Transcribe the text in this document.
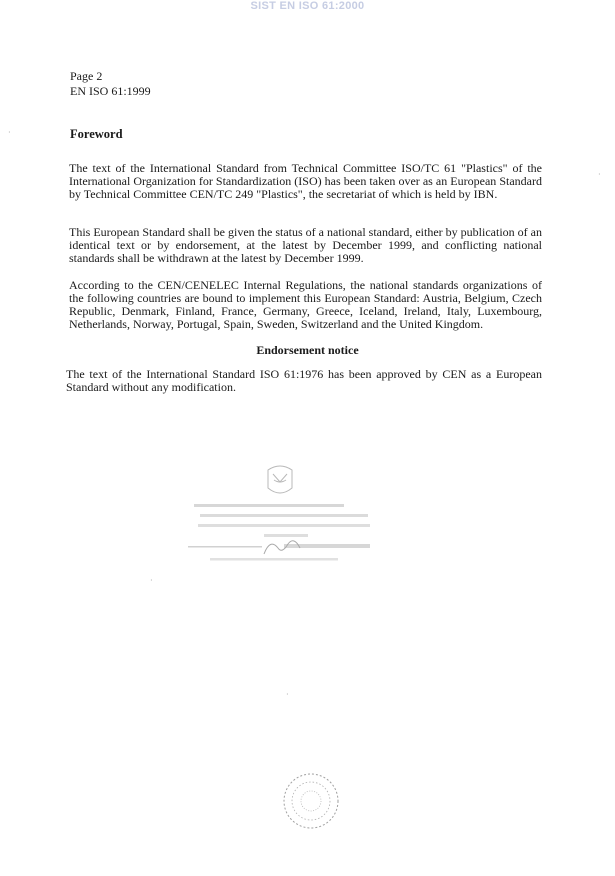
SIST EN ISO 61:2000
Page 2
EN ISO 61:1999
Foreword

The text of the International Standard from Technical Committee ISO/TC 61 "Plastics" of the International Organization for Standardization (ISO) has been taken over as an European Standard by Technical Committee CEN/TC 249 "Plastics", the secretariat of which is held by IBN.

This European Standard shall be given the status of a national standard, either by publication of an identical text or by endorsement, at the latest by December 1999, and conflicting national standards shall be withdrawn at the latest by December 1999.

According to the CEN/CENELEC Internal Regulations, the national standards organizations of the following countries are bound to implement this European Standard: Austria, Belgium, Czech Republic, Denmark, Finland, France, Germany, Greece, Iceland, Ireland, Italy, Luxembourg, Netherlands, Norway, Portugal, Spain, Sweden, Switzerland and the United Kingdom.

Endorsement notice

The text of the International Standard ISO 61:1976 has been approved by CEN as a European Standard without any modification.

·
·
·
·
